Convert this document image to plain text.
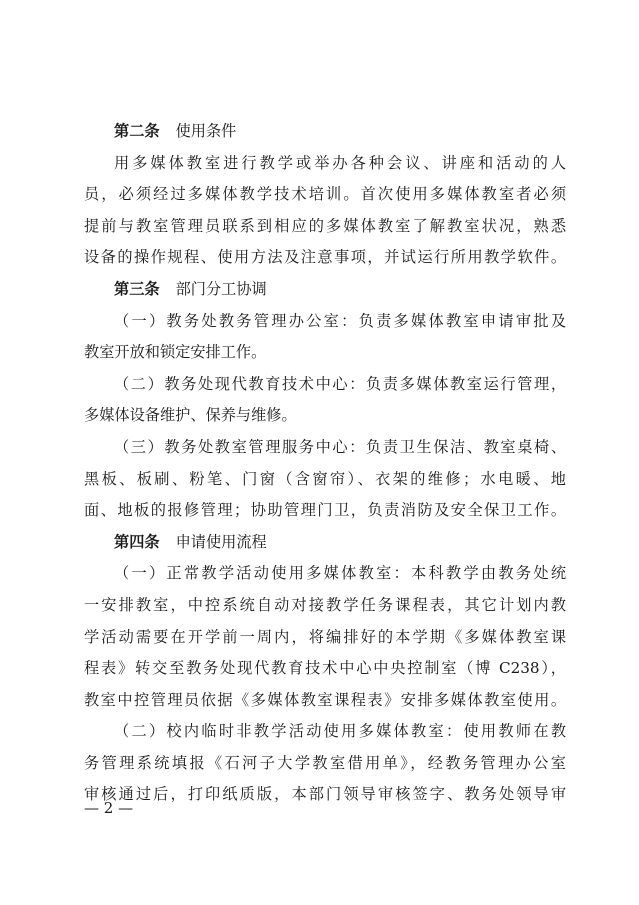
第二条 使用条件
用多媒体教室进行教学或举办各种会议、讲座和活动的人
员，必须经过多媒体教学技术培训。首次使用多媒体教室者必须
提前与教室管理员联系到相应的多媒体教室了解教室状况，熟悉
设备的操作规程、使用方法及注意事项，并试运行所用教学软件。
第三条 部门分工协调
（一）教务处教务管理办公室：负责多媒体教室申请审批及
教室开放和锁定安排工作。
（二）教务处现代教育技术中心：负责多媒体教室运行管理，
多媒体设备维护、保养与维修。
（三）教务处教室管理服务中心：负责卫生保洁、教室桌椅、
黑板、板刷、粉笔、门窗（含窗帘）、衣架的维修；水电暖、地
面、地板的报修管理；协助管理门卫，负责消防及安全保卫工作。
第四条 申请使用流程
（一）正常教学活动使用多媒体教室：本科教学由教务处统
一安排教室，中控系统自动对接教学任务课程表，其它计划内教
学活动需要在开学前一周内，将编排好的本学期《多媒体教室课
程表》转交至教务处现代教育技术中心中央控制室（博 C238），
教室中控管理员依据《多媒体教室课程表》安排多媒体教室使用。
（二）校内临时非教学活动使用多媒体教室：使用教师在教
务管理系统填报《石河子大学教室借用单》，经教务管理办公室
审核通过后，打印纸质版，本部门领导审核签字、教务处领导审
— 2 —
